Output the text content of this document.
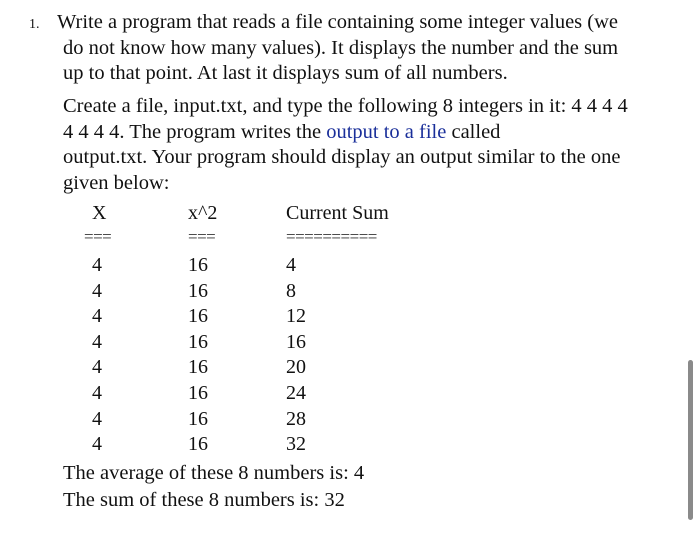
1. Write a program that reads a file containing some integer values (we
do not know how many values). It displays the number and the sum
up to that point. At last it displays sum of all numbers.
Create a file, input.txt, and type the following 8 integers in it: 4 4 4 4
4 4 4 4. The program writes the output to a file called
output.txt. Your program should display an output similar to the one
given below:
X	x^2	Current Sum
===	===	==========
4	16	4
4	16	8
4	16	12
4	16	16
4	16	20
4	16	24
4	16	28
4	16	32
The average of these 8 numbers is: 4
The sum of these 8 numbers is: 32
